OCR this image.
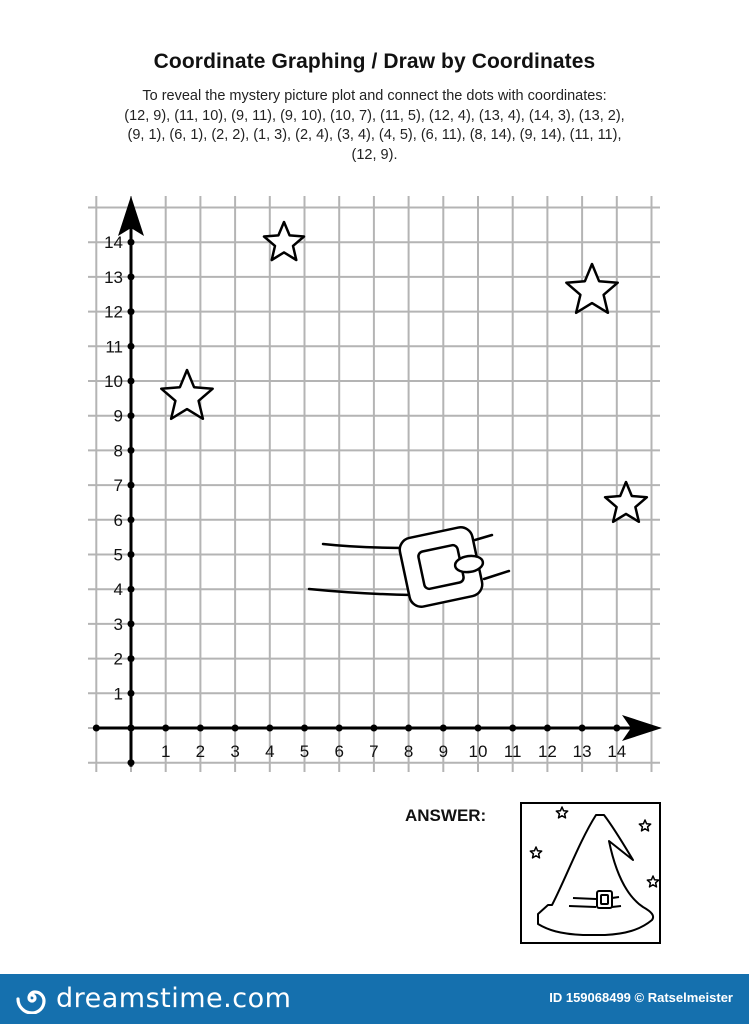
Coordinate Graphing / Draw by Coordinates
To reveal the mystery picture plot and connect the dots with coordinates:
(12, 9), (11, 10), (9, 11), (9, 10), (10, 7), (11, 5), (12, 4), (13, 4), (14, 3), (13, 2),
(9, 1), (6, 1), (2, 2), (1, 3), (2, 4), (3, 4), (4, 5), (6, 11), (8, 14), (9, 14), (11, 11),
(12, 9).
1 2 3 4 5 6 7 8 9 10 11 12 13 14
1
2
3
4
5
6
7
8
9
10
11
12
13
14
ANSWER:
dreamstime.com	ID 159068499 © Ratselmeister
